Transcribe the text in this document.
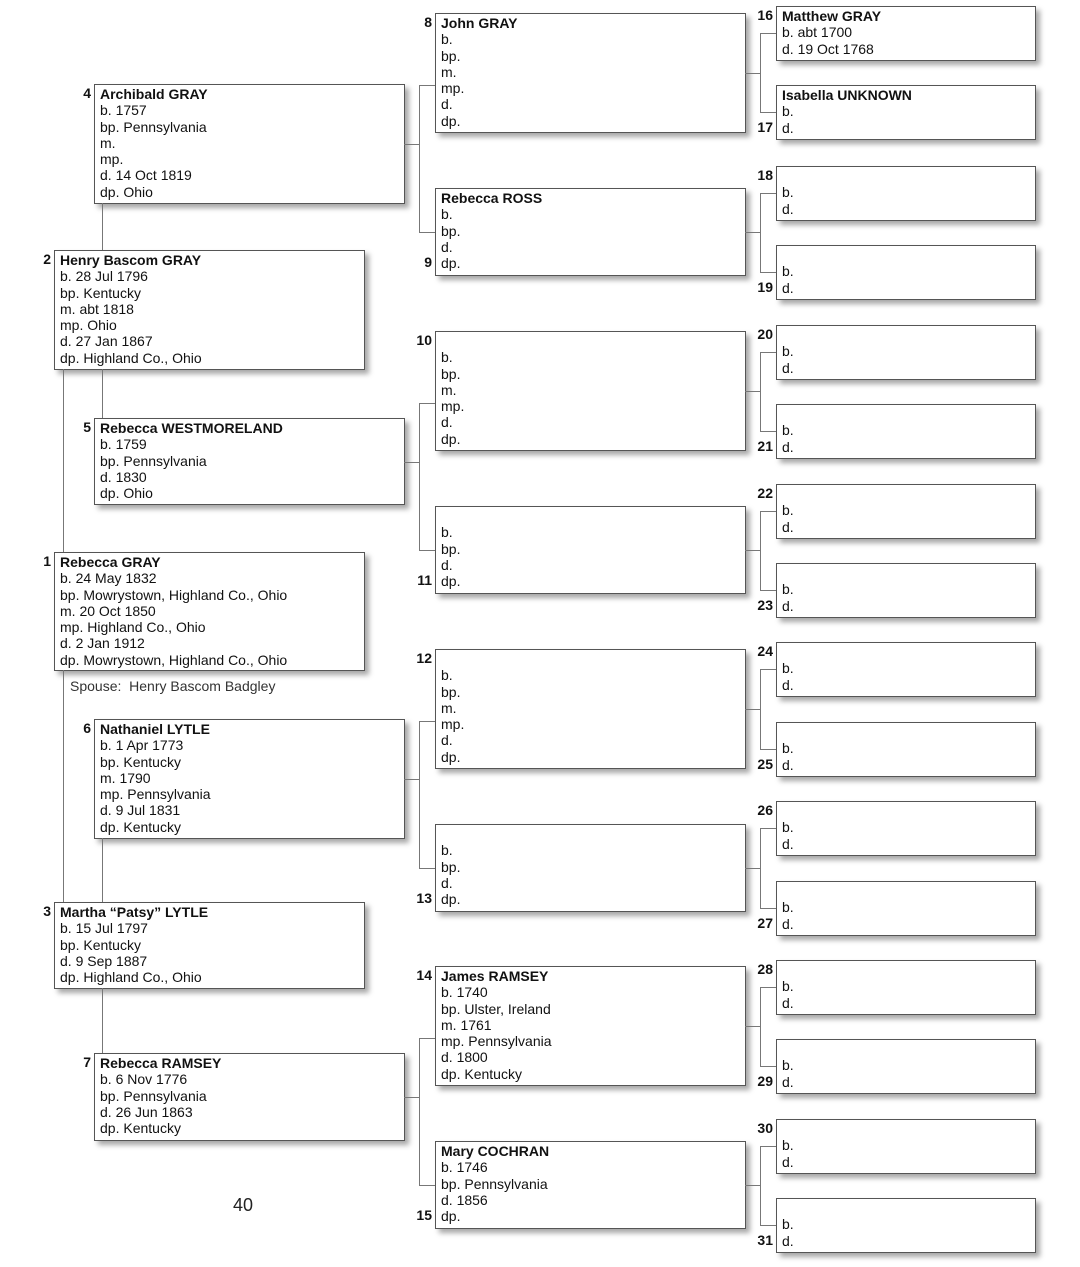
Rebecca GRAY
b. 24 May 1832
bp. Mowrystown, Highland Co., Ohio
m. 20 Oct 1850
mp. Highland Co., Ohio
d. 2 Jan 1912
dp. Mowrystown, Highland Co., Ohio
1
Henry Bascom GRAY
b. 28 Jul 1796
bp. Kentucky
m. abt 1818
mp. Ohio
d. 27 Jan 1867
dp. Highland Co., Ohio
2
Martha “Patsy” LYTLE
b. 15 Jul 1797
bp. Kentucky
d. 9 Sep 1887
dp. Highland Co., Ohio
3
Archibald GRAY
b. 1757
bp. Pennsylvania
m.
mp.
d. 14 Oct 1819
dp. Ohio
4
Rebecca WESTMORELAND
b. 1759
bp. Pennsylvania
d. 1830
dp. Ohio
5
Nathaniel LYTLE
b. 1 Apr 1773
bp. Kentucky
m. 1790
mp. Pennsylvania
d. 9 Jul 1831
dp. Kentucky
6
Rebecca RAMSEY
b. 6 Nov 1776
bp. Pennsylvania
d. 26 Jun 1863
dp. Kentucky
7
John GRAY
b.
bp.
m.
mp.
d.
dp.
8
Rebecca ROSS
b.
bp.
d.
dp.
9
b.
bp.
m.
mp.
d.
dp.
10
b.
bp.
d.
dp.
11
b.
bp.
m.
mp.
d.
dp.
12
b.
bp.
d.
dp.
13
James RAMSEY
b. 1740
bp. Ulster, Ireland
m. 1761
mp. Pennsylvania
d. 1800
dp. Kentucky
14
Mary COCHRAN
b. 1746
bp. Pennsylvania
d. 1856
dp.
15
Matthew GRAY
b. abt 1700
d. 19 Oct 1768
16
Isabella UNKNOWN
b.
d.
17
b.
d.
18
b.
d.
19
b.
d.
20
b.
d.
21
b.
d.
22
b.
d.
23
b.
d.
24
b.
d.
25
b.
d.
26
b.
d.
27
b.
d.
28
b.
d.
29
b.
d.
30
b.
d.
31
Spouse:  Henry Bascom Badgley
40
